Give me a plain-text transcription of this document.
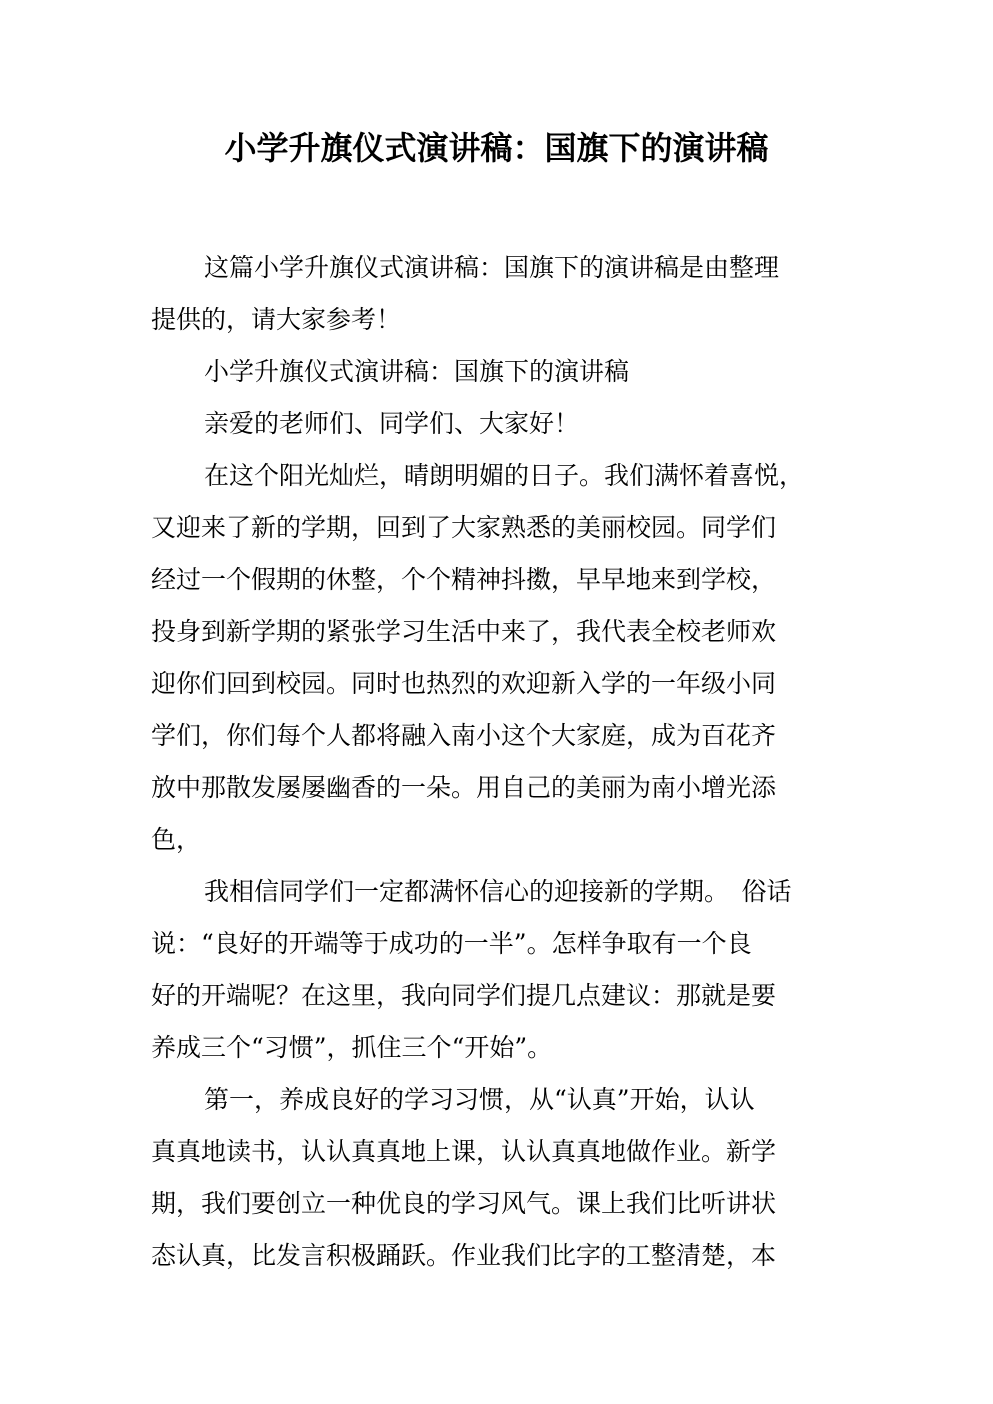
小学升旗仪式演讲稿：国旗下的演讲稿
这篇小学升旗仪式演讲稿：国旗下的演讲稿是由整理
提供的，请大家参考！
小学升旗仪式演讲稿：国旗下的演讲稿
亲爱的老师们、同学们、大家好！
在这个阳光灿烂，晴朗明媚的日子。我们满怀着喜悦，
又迎来了新的学期，回到了大家熟悉的美丽校园。同学们
经过一个假期的休整，个个精神抖擞，早早地来到学校，
投身到新学期的紧张学习生活中来了，我代表全校老师欢
迎你们回到校园。同时也热烈的欢迎新入学的一年级小同
学们，你们每个人都将融入南小这个大家庭，成为百花齐
放中那散发屡屡幽香的一朵。用自己的美丽为南小增光添
色，
我相信同学们一定都满怀信心的迎接新的学期。　俗话
说：“良好的开端等于成功的一半”。怎样争取有一个良
好的开端呢？在这里，我向同学们提几点建议：那就是要
养成三个“习惯”，抓住三个“开始”。
第一，养成良好的学习习惯，从“认真”开始，认认
真真地读书，认认真真地上课，认认真真地做作业。新学
期，我们要创立一种优良的学习风气。课上我们比听讲状
态认真，比发言积极踊跃。作业我们比字的工整清楚，本
